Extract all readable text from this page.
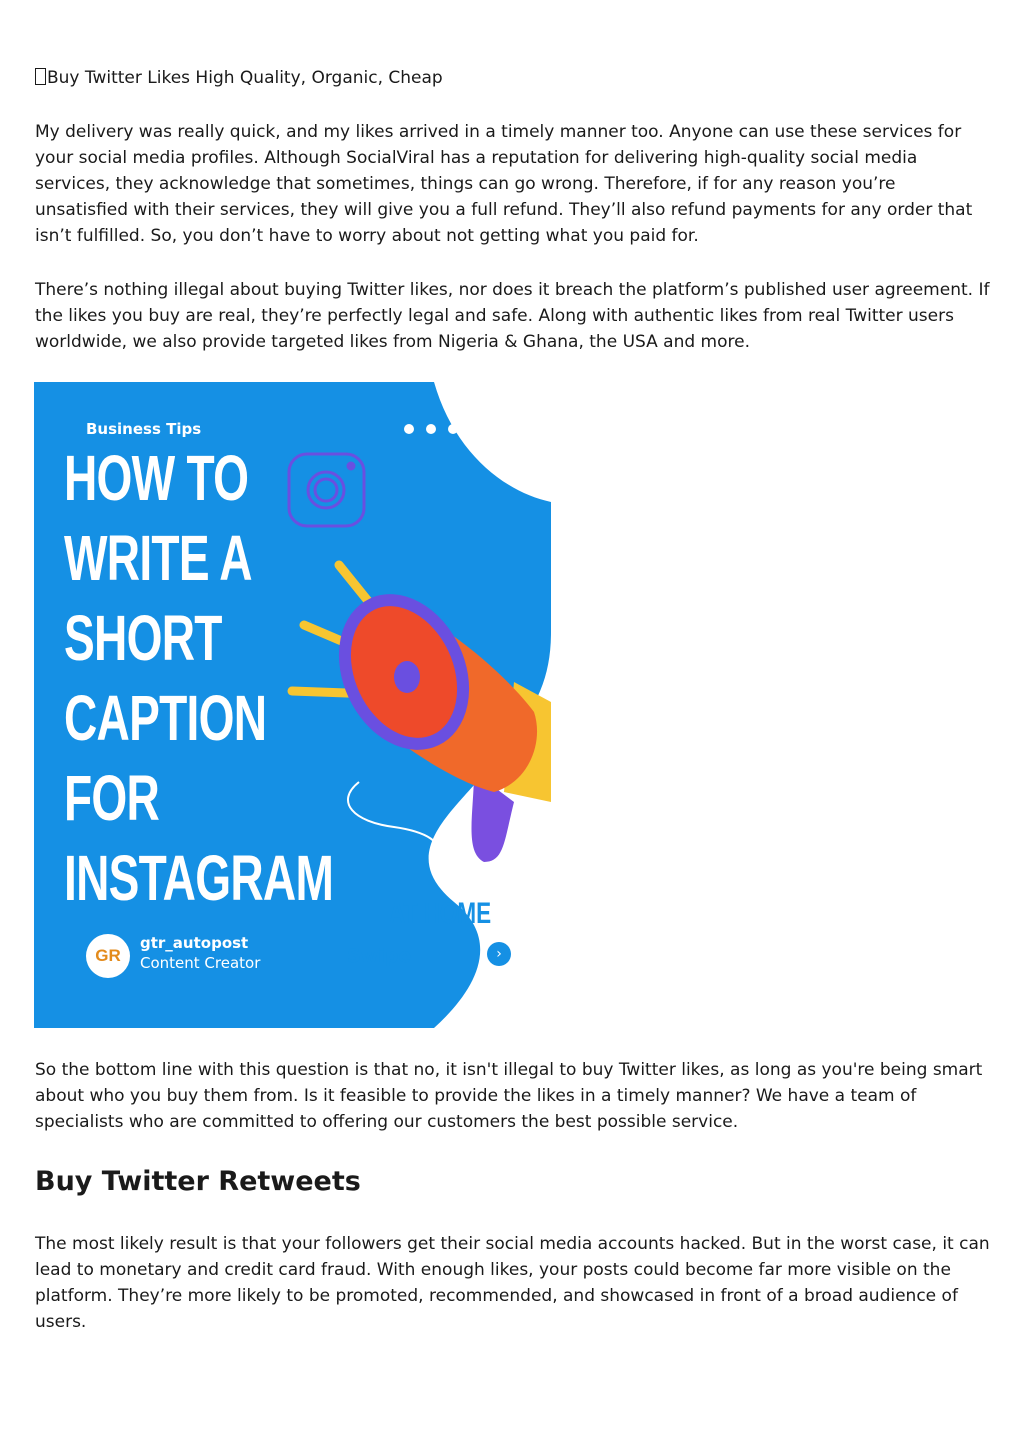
Buy Twitter Likes High Quality, Organic, Cheap

My delivery was really quick, and my likes arrived in a timely manner too. Anyone can use these services for your social media profiles. Although SocialViral has a reputation for delivering high-quality social media services, they acknowledge that sometimes, things can go wrong. Therefore, if for any reason you’re unsatisfied with their services, they will give you a full refund. They’ll also refund payments for any order that isn’t fulfilled. So, you don’t have to worry about not getting what you paid for.

There’s nothing illegal about buying Twitter likes, nor does it breach the platform’s published user agreement. If the likes you buy are real, they’re perfectly legal and safe. Along with authentic likes from real Twitter users worldwide, we also provide targeted likes from Nigeria & Ghana, the USA and more.

Business Tips

HOW TO
WRITE A
SHORT
CAPTION
FOR
INSTAGRAM	AT HOME

GR

gtr_autopost

Content Creator	Swipe	›

So the bottom line with this question is that no, it isn't illegal to buy Twitter likes, as long as you're being smart about who you buy them from. Is it feasible to provide the likes in a timely manner? We have a team of specialists who are committed to offering our customers the best possible service.

Buy Twitter Retweets

The most likely result is that your followers get their social media accounts hacked. But in the worst case, it can lead to monetary and credit card fraud. With enough likes, your posts could become far more visible on the platform. They’re more likely to be promoted, recommended, and showcased in front of a broad audience of users.
